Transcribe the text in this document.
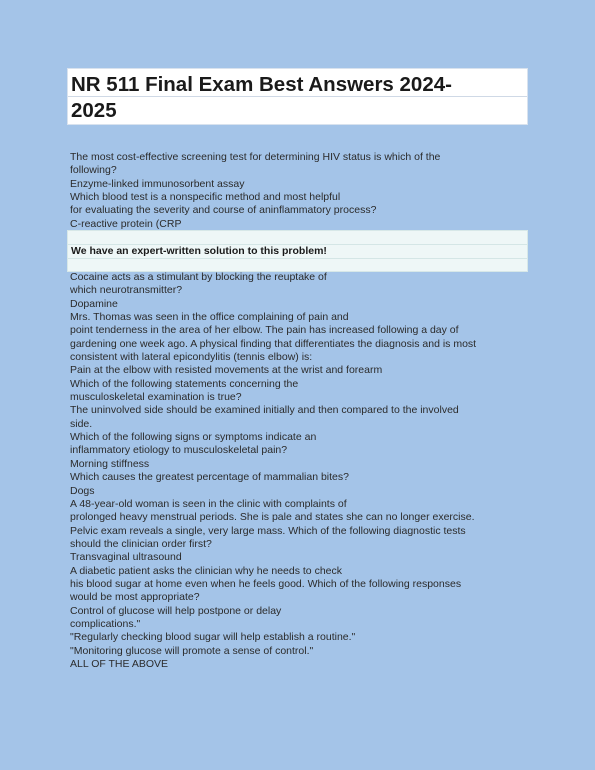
NR 511 Final Exam Best Answers 2024-
2025
The most cost-effective screening test for determining HIV status is which of the
following?
Enzyme-linked immunosorbent assay
Which blood test is a nonspecific method and most helpful
for evaluating the severity and course of aninflammatory process?
C-reactive protein (CRP
We have an expert-written solution to this problem!
Cocaine acts as a stimulant by blocking the reuptake of
which neurotransmitter?
Dopamine
Mrs. Thomas was seen in the office complaining of pain and
point tenderness in the area of her elbow. The pain has increased following a day of
gardening one week ago. A physical finding that differentiates the diagnosis and is most
consistent with lateral epicondylitis (tennis elbow) is:
Pain at the elbow with resisted movements at the wrist and forearm
Which of the following statements concerning the
musculoskeletal examination is true?
The uninvolved side should be examined initially and then compared to the involved
side.
Which of the following signs or symptoms indicate an
inflammatory etiology to musculoskeletal pain?
Morning stiffness
Which causes the greatest percentage of mammalian bites?
Dogs
A 48-year-old woman is seen in the clinic with complaints of
prolonged heavy menstrual periods. She is pale and states she can no longer exercise.
Pelvic exam reveals a single, very large mass. Which of the following diagnostic tests
should the clinician order first?
Transvaginal ultrasound
A diabetic patient asks the clinician why he needs to check
his blood sugar at home even when he feels good. Which of the following responses
would be most appropriate?
Control of glucose will help postpone or delay
complications."
"Regularly checking blood sugar will help establish a routine."
"Monitoring glucose will promote a sense of control."
ALL OF THE ABOVE
